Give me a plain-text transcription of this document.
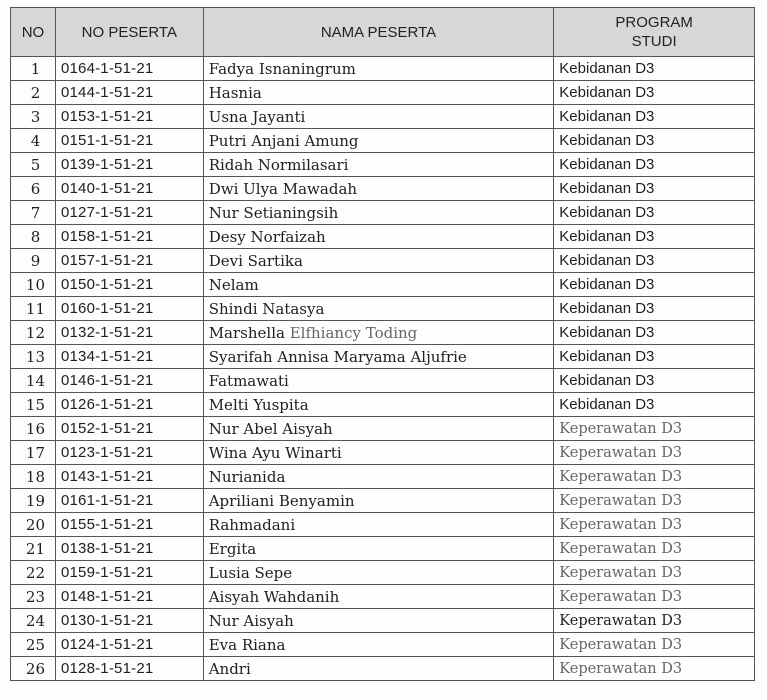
NO	NO PESERTA	NAMA PESERTA	PROGRAM
STUDI
1	0164-1-51-21	Fadya Isnaningrum	Kebidanan D3
2	0144-1-51-21	Hasnia	Kebidanan D3
3	0153-1-51-21	Usna Jayanti	Kebidanan D3
4	0151-1-51-21	Putri Anjani Amung	Kebidanan D3
5	0139-1-51-21	Ridah Normilasari	Kebidanan D3
6	0140-1-51-21	Dwi Ulya Mawadah	Kebidanan D3
7	0127-1-51-21	Nur Setianingsih	Kebidanan D3
8	0158-1-51-21	Desy Norfaizah	Kebidanan D3
9	0157-1-51-21	Devi Sartika	Kebidanan D3
10	0150-1-51-21	Nelam	Kebidanan D3
11	0160-1-51-21	Shindi Natasya	Kebidanan D3
12	0132-1-51-21	Marshella Elfhiancy Toding	Kebidanan D3
13	0134-1-51-21	Syarifah Annisa Maryama Aljufrie	Kebidanan D3
14	0146-1-51-21	Fatmawati	Kebidanan D3
15	0126-1-51-21	Melti Yuspita	Kebidanan D3
16	0152-1-51-21	Nur Abel Aisyah	Keperawatan D3
17	0123-1-51-21	Wina Ayu Winarti	Keperawatan D3
18	0143-1-51-21	Nurianida	Keperawatan D3
19	0161-1-51-21	Apriliani Benyamin	Keperawatan D3
20	0155-1-51-21	Rahmadani	Keperawatan D3
21	0138-1-51-21	Ergita	Keperawatan D3
22	0159-1-51-21	Lusia Sepe	Keperawatan D3
23	0148-1-51-21	Aisyah Wahdanih	Keperawatan D3
24	0130-1-51-21	Nur Aisyah	Keperawatan D3
25	0124-1-51-21	Eva Riana	Keperawatan D3
26	0128-1-51-21	Andri	Keperawatan D3
